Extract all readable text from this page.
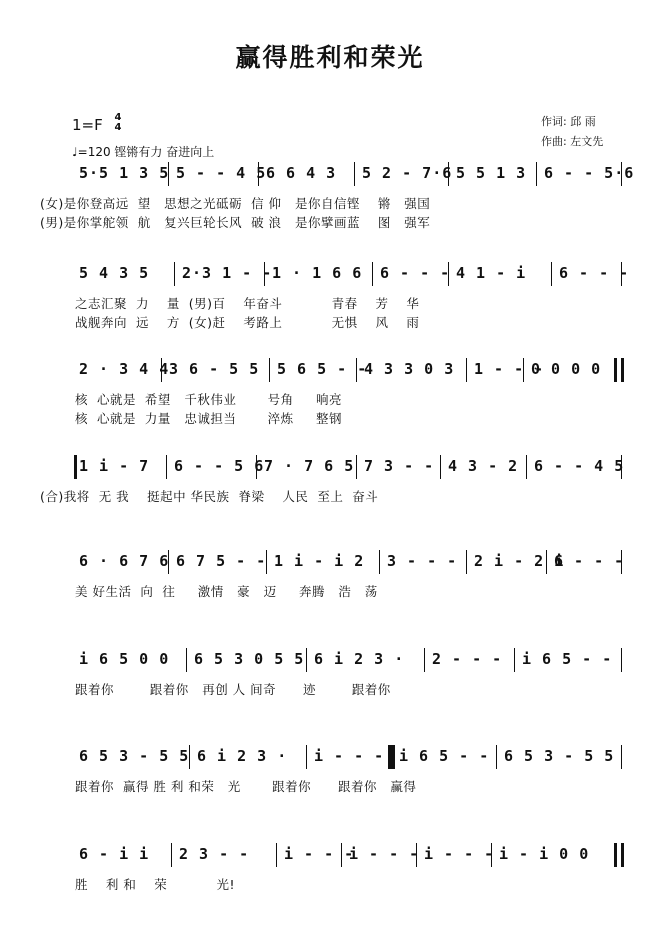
赢得胜利和荣光
1=F 4
4
♩=120 铿锵有力 奋进向上
作词: 邱 雨
作曲: 左文先
5·5 1 3 5 5 - - 4 5 6 6 4 3	5 2 - 7·6 5 5 1 3	6 - - 5·6
(女)是你登高远  望   思想之光砥砺  信 仰   是你自信铿    锵   强国
(男)是你掌舵领  航   复兴巨轮长风  破 浪   是你擘画蓝    图   强军
5 4 3 5	2·3 1 - - 1 · 1 6 6	6 - - - 4 1 - i	6 - - -
之志汇聚  力    量  (男)百    年奋斗           青春    芳    华
战舰奔向  远    方  (女)赶    考路上           无惧    风    雨
2 · 3 4 4 3 6 - 5 5	5 6 5 - -
4 3 3 0 3	1 - - -
0 0 0 0
核  心就是  希望   千秋伟业       号角     响亮
核  心就是  力量   忠诚担当       淬炼     整钢
1 i - 7	6 - - 5 6 7 · 7 6 5 7 3 - - 4 3 - 2	6 - - 4 5
(合)我将  无 我    挺起中 华民族  脊梁    人民  至上  奋斗
6 · 6 7 6 6 7 5 - - 1 i - i 2	3 - - -	2 i - 2 i
6 - - -
美 好生活  向  往     激情   豪   迈     奔腾   浩   荡
i 6 5 0 0	6 5 3 0 5 5 6 i 2 3 ·	2 - - -	i 6 5 - -
跟着你        跟着你   再创 人 间奇      迹        跟着你
6 5 3 - 5 5 6 i 2 3 ·	i - - - i 6 5 - - 6 5 3 - 5 5
跟着你  赢得 胜 利 和荣   光       跟着你      跟着你   赢得
6 - i i	2 3 - -	i - - -
i - - - i - - - i - i 0 0
胜    利 和    荣           光!
